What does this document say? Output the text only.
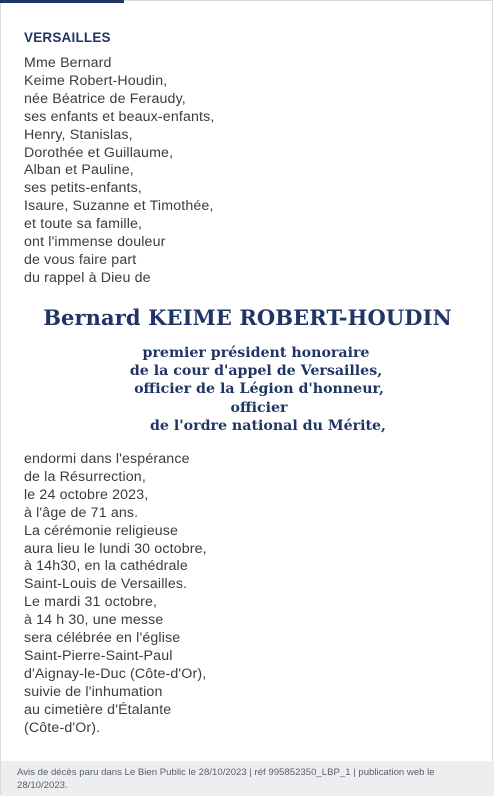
VERSAILLES
Mme Bernard
Keime Robert-Houdin,
née Béatrice de Feraudy,
ses enfants et beaux-enfants,
Henry, Stanislas,
Dorothée et Guillaume,
Alban et Pauline,
ses petits-enfants,
Isaure, Suzanne et Timothée,
et toute sa famille,
ont l'immense douleur
de vous faire part
du rappel à Dieu de
Bernard KEIME ROBERT-HOUDIN
premier président honoraire
de la cour d'appel de Versailles,
officier de la Légion d'honneur,
officier
de l'ordre national du Mérite,
endormi dans l'espérance
de la Résurrection,
le 24 octobre 2023,
à l'âge de 71 ans.
La cérémonie religieuse
aura lieu le lundi 30 octobre,
à 14h30, en la cathédrale
Saint-Louis de Versailles.
Le mardi 31 octobre,
à 14 h 30, une messe
sera célébrée en l'église
Saint-Pierre-Saint-Paul
d'Aignay-le-Duc (Côte-d'Or),
suivie de l'inhumation
au cimetière d'Étalante
(Côte-d'Or).
Avis de décès paru dans Le Bien Public le 28/10/2023 | réf 995852350_LBP_1 | publication web le 28/10/2023.
